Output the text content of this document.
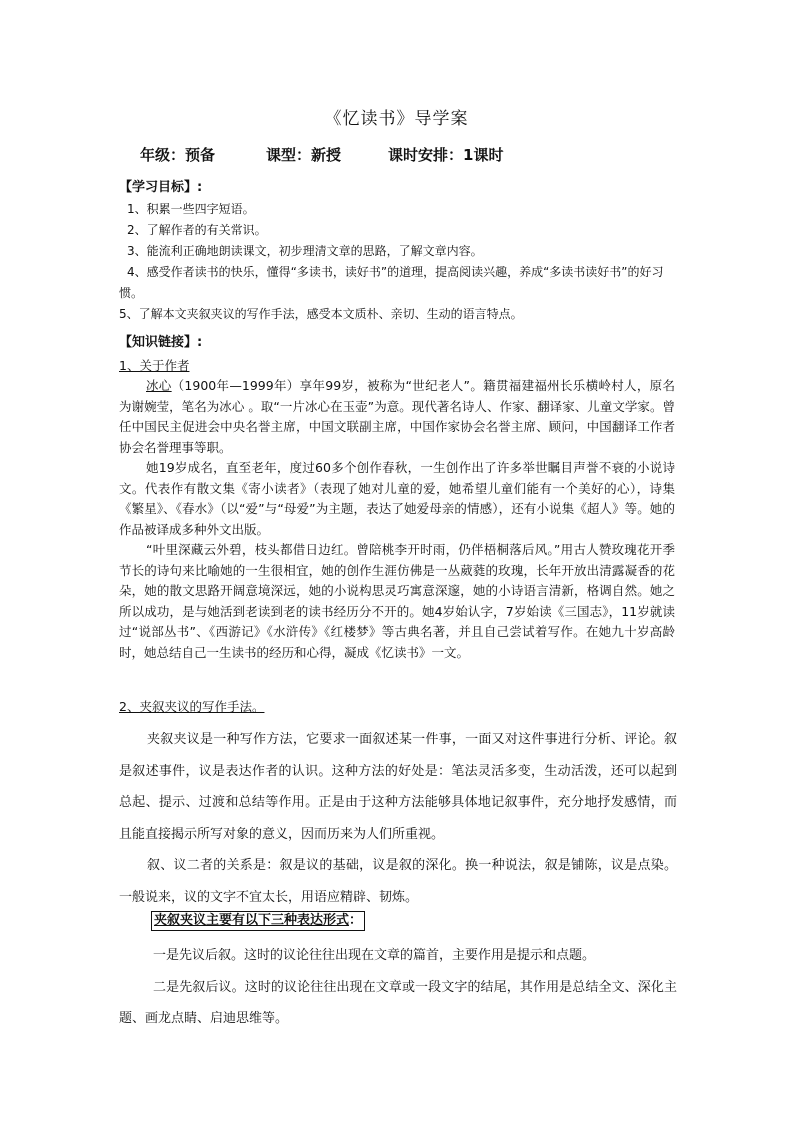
《忆读书》导学案
年级：预备	课型：新授	课时安排：1课时
【学习目标】:
1、积累一些四字短语。
2、了解作者的有关常识。
3、能流利正确地朗读课文，初步理清文章的思路，了解文章内容。
4、感受作者读书的快乐，懂得“多读书，读好书”的道理，提高阅读兴趣，养成“多读书读好书”的好习惯。
5、了解本文夹叙夹议的写作手法，感受本文质朴、亲切、生动的语言特点。
【知识链接】:
1、关于作者

冰心（1900年—1999年）享年99岁，被称为“世纪老人”。籍贯福建福州长乐横岭村人，原名为谢婉莹，笔名为冰心 。取“一片冰心在玉壶”为意。现代著名诗人、作家、翻译家、儿童文学家。曾任中国民主促进会中央名誉主席，中国文联副主席，中国作家协会名誉主席、顾问，中国翻译工作者协会名誉理事等职。

她19岁成名，直至老年，度过60多个创作春秋，一生创作出了许多举世瞩目声誉不衰的小说诗文。代表作有散文集《寄小读者》（表现了她对儿童的爱，她希望儿童们能有一个美好的心），诗集《繁星》、《春水》（以“爱”与“母爱”为主题，表达了她爱母亲的情感），还有小说集《超人》等。她的作品被译成多种外文出版。

“叶里深藏云外碧，枝头都借日边红。曾陪桃李开时雨，仍伴梧桐落后风。”用古人赞玫瑰花开季节长的诗句来比喻她的一生很相宜，她的创作生涯仿佛是一丛葳蕤的玫瑰，长年开放出清露凝香的花朵，她的散文思路开阔意境深远，她的小说构思灵巧寓意深邃，她的小诗语言清新，格调自然。她之所以成功，是与她活到老读到老的读书经历分不开的。她4岁始认字，7岁始读《三国志》，11岁就读过“说部丛书”、《西游记》《水浒传》《红楼梦》等古典名著，并且自己尝试着写作。在她九十岁高龄时，她总结自己一生读书的经历和心得，凝成《忆读书》一文。

2、夹叙夹议的写作手法。

夹叙夹议是一种写作方法，它要求一面叙述某一件事，一面又对这件事进行分析、评论。叙是叙述事件，议是表达作者的认识。这种方法的好处是：笔法灵活多变，生动活泼，还可以起到总起、提示、过渡和总结等作用。正是由于这种方法能够具体地记叙事件，充分地抒发感情，而且能直接揭示所写对象的意义，因而历来为人们所重视。

叙、议二者的关系是：叙是议的基础，议是叙的深化。换一种说法，叙是铺陈，议是点染。一般说来，议的文字不宜太长，用语应精辟、韧炼。

夹叙夹议主要有以下三种表达形式：

一是先议后叙。这时的议论往往出现在文章的篇首，主要作用是提示和点题。

二是先叙后议。这时的议论往往出现在文章或一段文字的结尾，其作用是总结全文、深化主题、画龙点睛、启迪思维等。
